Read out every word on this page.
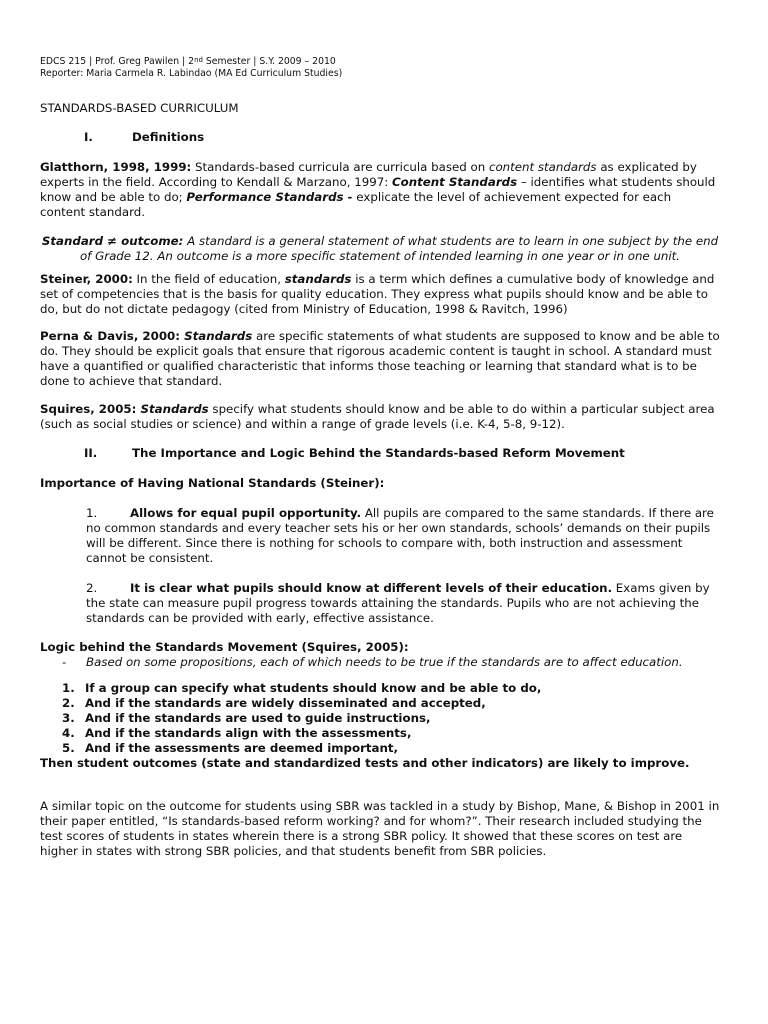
EDCS 215 | Prof. Greg Pawilen | 2nd Semester | S.Y. 2009 – 2010

Reporter: Maria Carmela R. Labindao (MA Ed Curriculum Studies)

STANDARDS-BASED CURRICULUM

I.	Definitions

Glatthorn, 1998, 1999: Standards-based curricula are curricula based on content standards as explicated by experts in the field. According to Kendall & Marzano, 1997: Content Standards – identifies what students should know and be able to do; Performance Standards - explicate the level of achievement expected for each content standard.

Standard ≠ outcome: A standard is a general statement of what students are to learn in one subject by the end of Grade 12. An outcome is a more specific statement of intended learning in one year or in one unit.

Steiner, 2000: In the field of education, standards is a term which defines a cumulative body of knowledge and set of competencies that is the basis for quality education. They express what pupils should know and be able to do, but do not dictate pedagogy (cited from Ministry of Education, 1998 & Ravitch, 1996)

Perna & Davis, 2000: Standards are specific statements of what students are supposed to know and be able to do. They should be explicit goals that ensure that rigorous academic content is taught in school. A standard must have a quantified or qualified characteristic that informs those teaching or learning that standard what is to be done to achieve that standard.

Squires, 2005: Standards specify what students should know and be able to do within a particular subject area (such as social studies or science) and within a range of grade levels (i.e. K-4, 5-8, 9-12).

II.	The Importance and Logic Behind the Standards-based Reform Movement

Importance of Having National Standards (Steiner):

1.	Allows for equal pupil opportunity. All pupils are compared to the same standards. If there are no common standards and every teacher sets his or her own standards, schools’ demands on their pupils will be different. Since there is nothing for schools to compare with, both instruction and assessment cannot be consistent.

2.	It is clear what pupils should know at different levels of their education. Exams given by the state can measure pupil progress towards attaining the standards. Pupils who are not achieving the standards can be provided with early, effective assistance.

Logic behind the Standards Movement (Squires, 2005):

-	Based on some propositions, each of which needs to be true if the standards are to affect education.
1. If a group can specify what students should know and be able to do,
2. And if the standards are widely disseminated and accepted,
3. And if the standards are used to guide instructions,
4. And if the standards align with the assessments,
5. And if the assessments are deemed important,

Then student outcomes (state and standardized tests and other indicators) are likely to improve.

A similar topic on the outcome for students using SBR was tackled in a study by Bishop, Mane, & Bishop in 2001 in their paper entitled, “Is standards-based reform working? and for whom?”. Their research included studying the test scores of students in states wherein there is a strong SBR policy. It showed that these scores on test are higher in states with strong SBR policies, and that students benefit from SBR policies.
